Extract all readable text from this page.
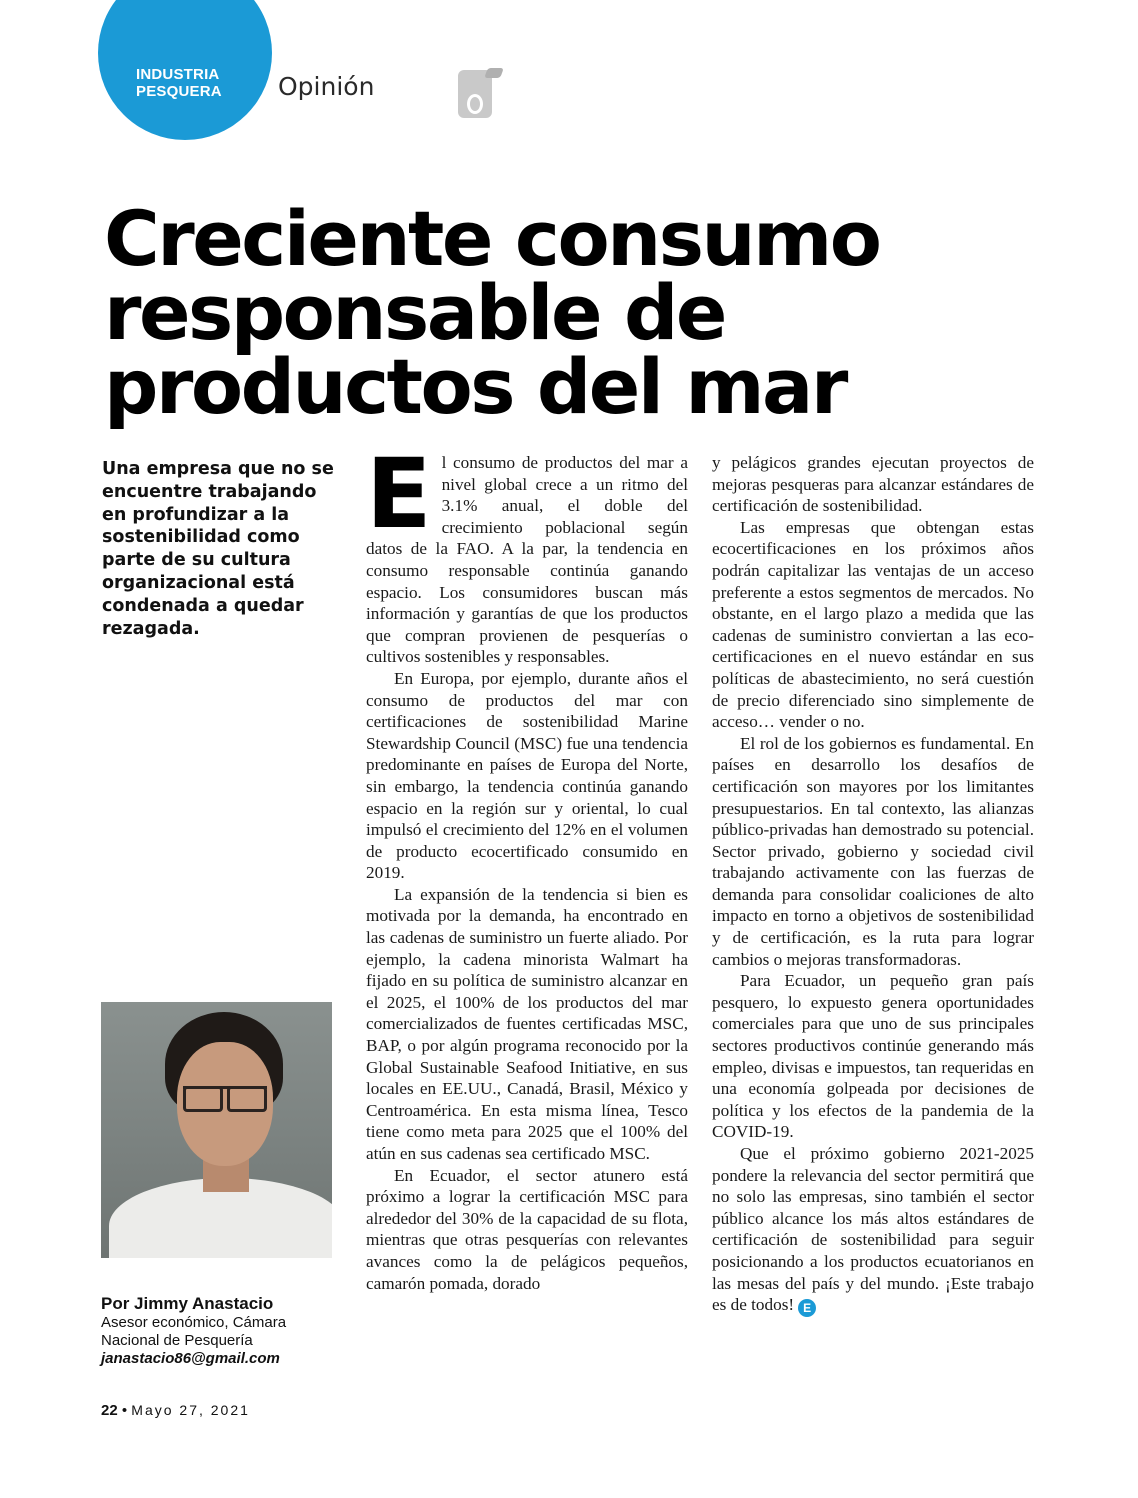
INDUSTRIA
PESQUERA Opinión
Creciente consumo
responsable de
productos del mar

Una empresa que no se encuentre trabajando en profundizar a la sostenibilidad como parte de su cultura organizacional está condenada a quedar rezagada.

Por Jimmy Anastacio
Asesor económico, Cámara Nacional de Pesquería
janastacio86@gmail.com

El consumo de productos del mar a nivel global crece a un ritmo del 3.1% anual, el doble del crecimiento poblacional según datos de la FAO. A la par, la tendencia en consumo responsable continúa ganando espacio. Los consumidores buscan más información y garantías de que los productos que compran provienen de pesquerías o cultivos sostenibles y responsables.

En Europa, por ejemplo, durante años el consumo de productos del mar con certificaciones de sostenibilidad Marine Stewardship Council (MSC) fue una tendencia predominante en países de Europa del Norte, sin embargo, la tendencia continúa ganando espacio en la región sur y oriental, lo cual impulsó el crecimiento del 12% en el volumen de producto ecocertificado consumido en 2019.

La expansión de la tendencia si bien es motivada por la demanda, ha encontrado en las cadenas de suministro un fuerte aliado. Por ejemplo, la cadena minorista Walmart ha fijado en su política de suministro alcanzar en el 2025, el 100% de los productos del mar comercializados de fuentes certificadas MSC, BAP, o por algún programa reconocido por la Global Sustainable Seafood Initiative, en sus locales en EE.UU., Canadá, Brasil, México y Centroamérica. En esta misma línea, Tesco tiene como meta para 2025 que el 100% del atún en sus cadenas sea certificado MSC.

En Ecuador, el sector atunero está próximo a lograr la certificación MSC para alrededor del 30% de la capacidad de su flota, mientras que otras pesquerías con relevantes avances como la de pelágicos pequeños, camarón pomada, dorado

y pelágicos grandes ejecutan proyectos de mejoras pesqueras para alcanzar estándares de certificación de sostenibilidad.

Las empresas que obtengan estas ecocertificaciones en los próximos años podrán capitalizar las ventajas de un acceso preferente a estos segmentos de mercados. No obstante, en el largo plazo a medida que las cadenas de suministro conviertan a las eco-certificaciones en el nuevo estándar en sus políticas de abastecimiento, no será cuestión de precio diferenciado sino simplemente de acceso… vender o no.

El rol de los gobiernos es fundamental. En países en desarrollo los desafíos de certificación son mayores por los limitantes presupuestarios. En tal contexto, las alianzas público-privadas han demostrado su potencial. Sector privado, gobierno y sociedad civil trabajando activamente con las fuerzas de demanda para consolidar coaliciones de alto impacto en torno a objetivos de sostenibilidad y de certificación, es la ruta para lograr cambios o mejoras transformadoras.

Para Ecuador, un pequeño gran país pesquero, lo expuesto genera oportunidades comerciales para que uno de sus principales sectores productivos continúe generando más empleo, divisas e impuestos, tan requeridas en una economía golpeada por decisiones de política y los efectos de la pandemia de la COVID-19.

Que el próximo gobierno 2021-2025 pondere la relevancia del sector permitirá que no solo las empresas, sino también el sector público alcance los más altos estándares de certificación de sostenibilidad para seguir posicionando a los productos ecuatorianos en las mesas del país y del mundo. ¡Este trabajo es de todos! E

22 • Mayo 27, 2021
